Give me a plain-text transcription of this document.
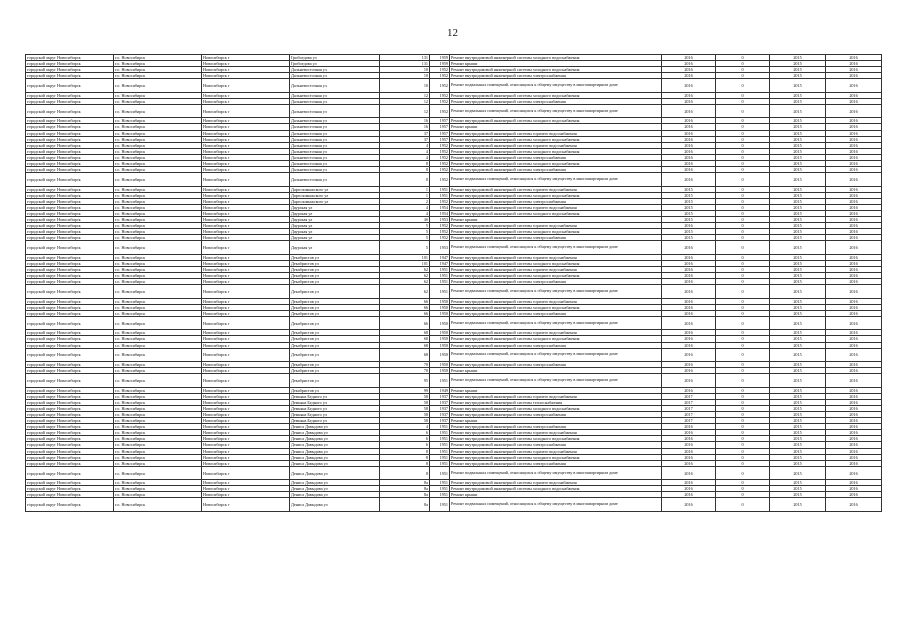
12
городской округ Новосибирск	г.о. Новосибирск	Новосибирск г	Грибоедова ул	131	1959	Ремонт внутридомовой инженерной системы холодного водоснабжения	2016	0	2015	2016
городской округ Новосибирск	г.о. Новосибирск	Новосибирск г	Грибоедова ул	131	1959	Ремонт крыши	2016	0	2015	2016
городской округ Новосибирск	г.о. Новосибирск	Новосибирск г	Дальневосточная ул	10	1952	Ремонт внутридомовой инженерной системы холодного водоснабжения	2016	0	2015	2016
городской округ Новосибирск	г.о. Новосибирск	Новосибирск г	Дальневосточная ул	10	1952	Ремонт внутридомовой инженерной системы электроснабжения	2016	0	2015	2016
городской округ Новосибирск	г.о. Новосибирск	Новосибирск г	Дальневосточная ул	10	1952	Ремонт подвальных помещений, относящихся к общему имуществу в многоквартирном доме	2016	0	2015	2016
городской округ Новосибирск	г.о. Новосибирск	Новосибирск г	Дальневосточная ул	12	1952	Ремонт внутридомовой инженерной системы холодного водоснабжения	2016	0	2015	2016
городской округ Новосибирск	г.о. Новосибирск	Новосибирск г	Дальневосточная ул	12	1952	Ремонт внутридомовой инженерной системы электроснабжения	2016	0	2015	2016
городской округ Новосибирск	г.о. Новосибирск	Новосибирск г	Дальневосточная ул	12	1952	Ремонт подвальных помещений, относящихся к общему имуществу в многоквартирном доме	2016	0	2015	2016
городской округ Новосибирск	г.о. Новосибирск	Новосибирск г	Дальневосточная ул	16	1957	Ремонт внутридомовой инженерной системы холодного водоснабжения	2016	0	2015	2016
городской округ Новосибирск	г.о. Новосибирск	Новосибирск г	Дальневосточная ул	16	1957	Ремонт крыши	2016	0	2015	2016
городской округ Новосибирск	г.о. Новосибирск	Новосибирск г	Дальневосточная ул	37	1957	Ремонт внутридомовой инженерной системы горячего водоснабжения	2016	0	2015	2016
городской округ Новосибирск	г.о. Новосибирск	Новосибирск г	Дальневосточная ул	37	1957	Ремонт внутридомовой инженерной системы холодного водоснабжения	2016	0	2015	2016
городской округ Новосибирск	г.о. Новосибирск	Новосибирск г	Дальневосточная ул	4	1952	Ремонт внутридомовой инженерной системы горячего водоснабжения	2016	0	2015	2016
городской округ Новосибирск	г.о. Новосибирск	Новосибирск г	Дальневосточная ул	4	1952	Ремонт внутридомовой инженерной системы холодного водоснабжения	2016	0	2015	2016
городской округ Новосибирск	г.о. Новосибирск	Новосибирск г	Дальневосточная ул	4	1952	Ремонт внутридомовой инженерной системы электроснабжения	2016	0	2015	2016
городской округ Новосибирск	г.о. Новосибирск	Новосибирск г	Дальневосточная ул	8	1952	Ремонт внутридомовой инженерной системы холодного водоснабжения	2016	0	2015	2016
городской округ Новосибирск	г.о. Новосибирск	Новосибирск г	Дальневосточная ул	8	1952	Ремонт внутридомовой инженерной системы электроснабжения	2016	0	2015	2016
городской округ Новосибирск	г.о. Новосибирск	Новосибирск г	Дальневосточная ул	8	1952	Ремонт подвальных помещений, относящихся к общему имуществу в многоквартирном доме	2016	0	2015	2016
городской округ Новосибирск	г.о. Новосибирск	Новосибирск г	Дарголомыжского ул	1	1951	Ремонт внутридомовой инженерной системы горячего водоснабжения	2015	0	2015	2016
городской округ Новосибирск	г.о. Новосибирск	Новосибирск г	Дарголомыжского ул	1	1951	Ремонт внутридомовой инженерной системы холодного водоснабжения	2015	0	2015	2016
городской округ Новосибирск	г.о. Новосибирск	Новосибирск г	Дарголомыжского ул	2	1952	Ремонт внутридомовой инженерной системы электроснабжения	2015	0	2015	2016
городской округ Новосибирск	г.о. Новосибирск	Новосибирск г	Даурская ул	4	1954	Ремонт внутридомовой инженерной системы горячего водоснабжения	2015	0	2015	2016
городской округ Новосибирск	г.о. Новосибирск	Новосибирск г	Даурская ул	4	1954	Ремонт внутридомовой инженерной системы холодного водоснабжения	2015	0	2015	2016
городской округ Новосибирск	г.о. Новосибирск	Новосибирск г	Даурская ул	4б	1953	Ремонт крыши	2015	0	2015	2016
городской округ Новосибирск	г.о. Новосибирск	Новосибирск г	Даурская ул	5	1952	Ремонт внутридомовой инженерной системы горячего водоснабжения	2016	0	2015	2016
городской округ Новосибирск	г.о. Новосибирск	Новосибирск г	Даурская ул	5	1952	Ремонт внутридомовой инженерной системы холодного водоснабжения	2015	0	2015	2016
городской округ Новосибирск	г.о. Новосибирск	Новосибирск г	Даурская ул	5	1952	Ремонт внутридомовой инженерной системы электроснабжения	2015	0	2015	2016
городской округ Новосибирск	г.о. Новосибирск	Новосибирск г	Даурская ул	5	1953	Ремонт подвальных помещений, относящихся к общему имуществу в многоквартирном доме	2016	0	2015	2016
городской округ Новосибирск	г.о. Новосибирск	Новосибирск г	Декабристов ул	101	1947	Ремонт внутридомовой инженерной системы горячего водоснабжения	2016	0	2015	2016
городской округ Новосибирск	г.о. Новосибирск	Новосибирск г	Декабристов ул	101	1947	Ремонт внутридомовой инженерной системы холодного водоснабжения	2016	0	2015	2016
городской округ Новосибирск	г.о. Новосибирск	Новосибирск г	Декабристов ул	62	1951	Ремонт внутридомовой инженерной системы горячего водоснабжения	2016	0	2015	2016
городской округ Новосибирск	г.о. Новосибирск	Новосибирск г	Декабристов ул	62	1951	Ремонт внутридомовой инженерной системы холодного водоснабжения	2016	0	2015	2016
городской округ Новосибирск	г.о. Новосибирск	Новосибирск г	Декабристов ул	62	1951	Ремонт внутридомовой инженерной системы электроснабжения	2016	0	2015	2016
городской округ Новосибирск	г.о. Новосибирск	Новосибирск г	Декабристов ул	62	1951	Ремонт подвальных помещений, относящихся к общему имуществу в многоквартирном доме	2016	0	2015	2016
городской округ Новосибирск	г.о. Новосибирск	Новосибирск г	Декабристов ул	66	1950	Ремонт внутридомовой инженерной системы горячего водоснабжения	2016	0	2015	2016
городской округ Новосибирск	г.о. Новосибирск	Новосибирск г	Декабристов ул	66	1950	Ремонт внутридомовой инженерной системы холодного водоснабжения	2016	0	2015	2016
городской округ Новосибирск	г.о. Новосибирск	Новосибирск г	Декабристов ул	66	1950	Ремонт внутридомовой инженерной системы электроснабжения	2016	0	2015	2016
городской округ Новосибирск	г.о. Новосибирск	Новосибирск г	Декабристов ул	66	1950	Ремонт подвальных помещений, относящихся к общему имуществу в многоквартирном доме	2016	0	2015	2016
городской округ Новосибирск	г.о. Новосибирск	Новосибирск г	Декабристов ул	68	1950	Ремонт внутридомовой инженерной системы горячего водоснабжения	2016	0	2015	2016
городской округ Новосибирск	г.о. Новосибирск	Новосибирск г	Декабристов ул	68	1950	Ремонт внутридомовой инженерной системы холодного водоснабжения	2016	0	2015	2016
городской округ Новосибирск	г.о. Новосибирск	Новосибирск г	Декабристов ул	68	1950	Ремонт внутридомовой инженерной системы электроснабжения	2016	0	2015	2016
городской округ Новосибирск	г.о. Новосибирск	Новосибирск г	Декабристов ул	68	1950	Ремонт подвальных помещений, относящихся к общему имуществу в многоквартирном доме	2016	0	2015	2016
городской округ Новосибирск	г.о. Новосибирск	Новосибирск г	Декабристов ул	70	1950	Ремонт внутридомовой инженерной системы электроснабжения	2016	0	2015	2016
городской округ Новосибирск	г.о. Новосибирск	Новосибирск г	Декабристов ул	70	1950	Ремонт крыши	2016	0	2015	2016
городской округ Новосибирск	г.о. Новосибирск	Новосибирск г	Декабристов ул	95	1951	Ремонт подвальных помещений, относящихся к общему имуществу в многоквартирном доме	2016	0	2015	2016
городской округ Новосибирск	г.о. Новосибирск	Новосибирск г	Декабристов ул	99	1949	Ремонт крыши	2016	0	2015	2016
городской округ Новосибирск	г.о. Новосибирск	Новосибирск г	Демьяна Бедного ул	58	1937	Ремонт внутридомовой инженерной системы горячего водоснабжения	2017	0	2015	2016
городской округ Новосибирск	г.о. Новосибирск	Новосибирск г	Демьяна Бедного ул	58	1937	Ремонт внутридомовой инженерной системы теплоснабжения	2017	0	2015	2016
городской округ Новосибирск	г.о. Новосибирск	Новосибирск г	Демьяна Бедного ул	58	1937	Ремонт внутридомовой инженерной системы холодного водоснабжения	2017	0	2015	2016
городской округ Новосибирск	г.о. Новосибирск	Новосибирск г	Демьяна Бедного ул	58	1937	Ремонт внутридомовой инженерной системы электроснабжения	2017	0	2015	2016
городской округ Новосибирск	г.о. Новосибирск	Новосибирск г	Демьяна Бедного ул	58	1937	Ремонт крыши	2017	0	2015	2016
городской округ Новосибирск	г.о. Новосибирск	Новосибирск г	Дениса Давыдова ул	4	1951	Ремонт внутридомовой инженерной системы электроснабжения	2016	0	2015	2016
городской округ Новосибирск	г.о. Новосибирск	Новосибирск г	Дениса Давыдова ул	6	1951	Ремонт внутридомовой инженерной системы горячего водоснабжения	2016	0	2015	2016
городской округ Новосибирск	г.о. Новосибирск	Новосибирск г	Дениса Давыдова ул	6	1951	Ремонт внутридомовой инженерной системы холодного водоснабжения	2016	0	2015	2016
городской округ Новосибирск	г.о. Новосибирск	Новосибирск г	Дениса Давыдова ул	6	1951	Ремонт внутридомовой инженерной системы электроснабжения	2016	0	2015	2016
городской округ Новосибирск	г.о. Новосибирск	Новосибирск г	Дениса Давыдова ул	8	1951	Ремонт внутридомовой инженерной системы горячего водоснабжения	2016	0	2015	2016
городской округ Новосибирск	г.о. Новосибирск	Новосибирск г	Дениса Давыдова ул	8	1951	Ремонт внутридомовой инженерной системы холодного водоснабжения	2016	0	2015	2016
городской округ Новосибирск	г.о. Новосибирск	Новосибирск г	Дениса Давыдова ул	8	1951	Ремонт внутридомовой инженерной системы электроснабжения	2016	0	2015	2016
городской округ Новосибирск	г.о. Новосибирск	Новосибирск г	Дениса Давыдова ул	8	1951	Ремонт подвальных помещений, относящихся к общему имуществу в многоквартирном доме	2016	0	2015	2016
городской округ Новосибирск	г.о. Новосибирск	Новосибирск г	Дениса Давыдова ул	8а	1951	Ремонт внутридомовой инженерной системы горячего водоснабжения	2016	0	2015	2016
городской округ Новосибирск	г.о. Новосибирск	Новосибирск г	Дениса Давыдова ул	8а	1951	Ремонт внутридомовой инженерной системы холодного водоснабжения	2016	0	2015	2016
городской округ Новосибирск	г.о. Новосибирск	Новосибирск г	Дениса Давыдова ул	8а	1951	Ремонт крыши	2016	0	2015	2016
городской округ Новосибирск	г.о. Новосибирск	Новосибирск г	Дениса Давыдова ул	8а	1951	Ремонт подвальных помещений, относящихся к общему имуществу в многоквартирном доме	2016	0	2015	2016
